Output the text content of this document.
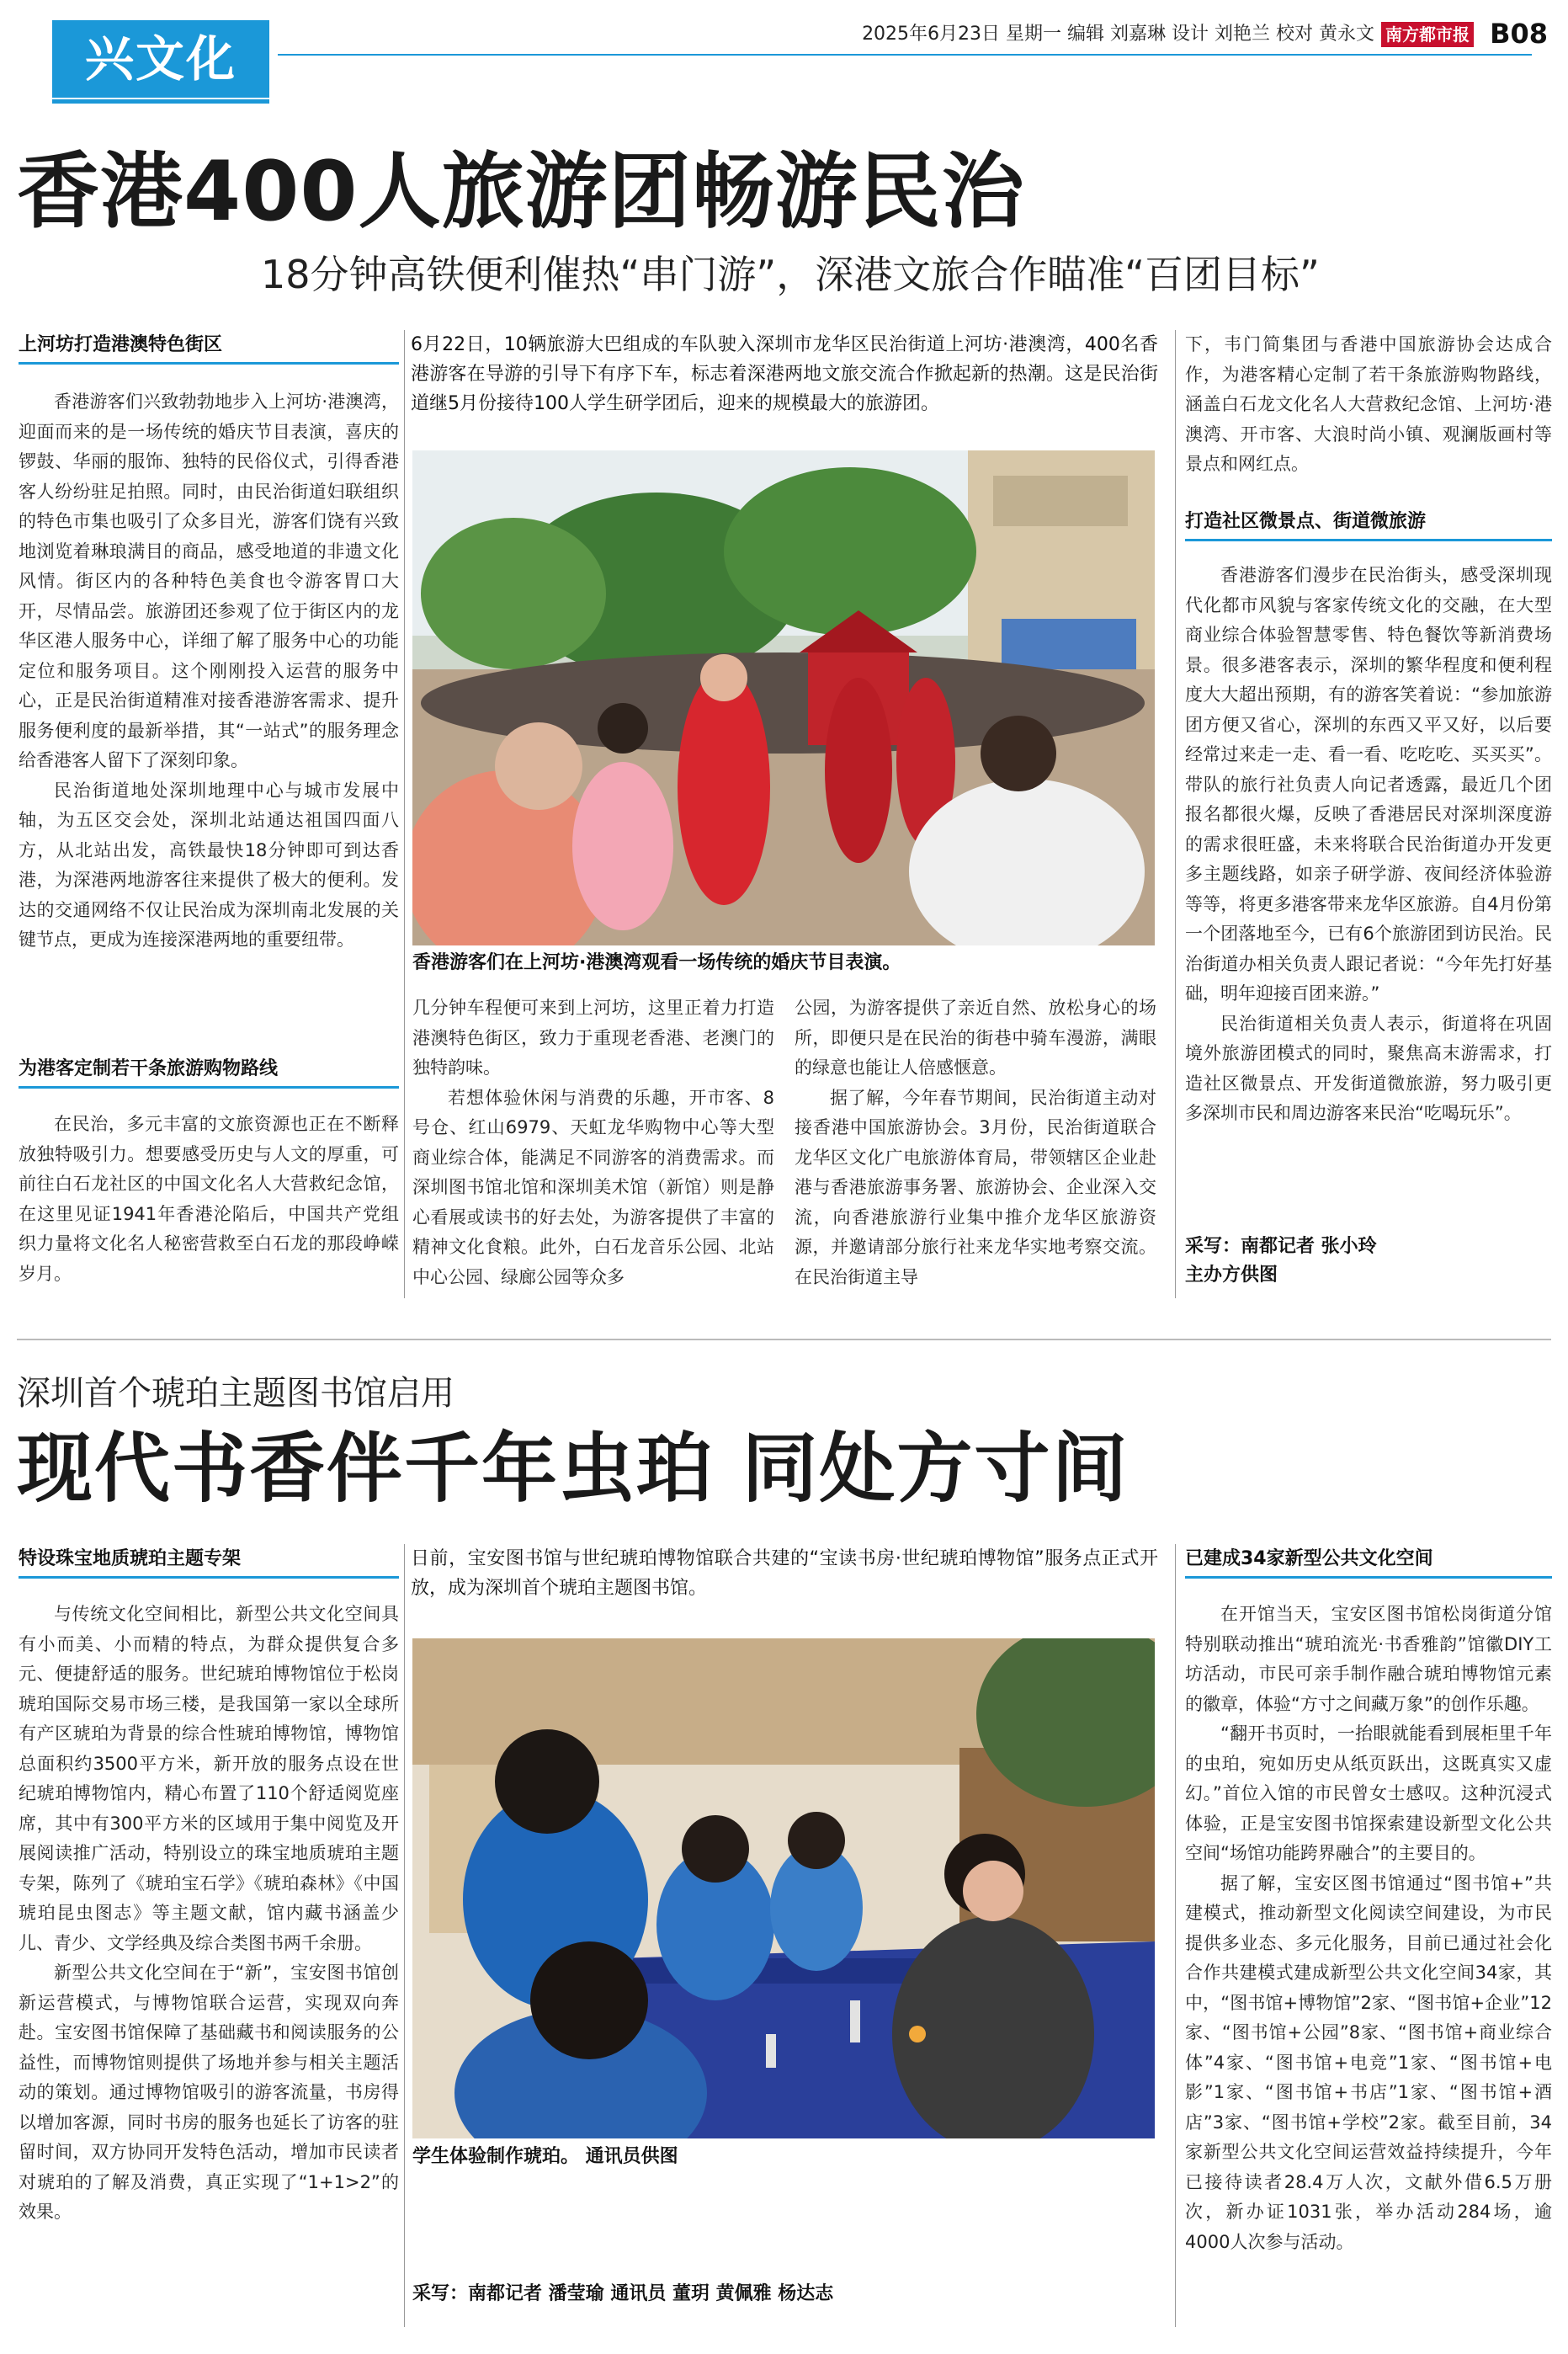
兴文化	2025年6月23日 星期一 编辑 刘嘉琳 设计 刘艳兰 校对 黄永文 南方都市报 B08
香港400人旅游团畅游民治
18分钟高铁便利催热“串门游”，深港文旅合作瞄准“百团目标”
上河坊打造港澳特色街区

香港游客们兴致勃勃地步入上河坊·港澳湾，迎面而来的是一场传统的婚庆节目表演，喜庆的锣鼓、华丽的服饰、独特的民俗仪式，引得香港客人纷纷驻足拍照。同时，由民治街道妇联组织的特色市集也吸引了众多目光，游客们饶有兴致地浏览着琳琅满目的商品，感受地道的非遗文化风情。街区内的各种特色美食也令游客胃口大开，尽情品尝。旅游团还参观了位于街区内的龙华区港人服务中心，详细了解了服务中心的功能定位和服务项目。这个刚刚投入运营的服务中心，正是民治街道精准对接香港游客需求、提升服务便利度的最新举措，其“一站式”的服务理念给香港客人留下了深刻印象。

民治街道地处深圳地理中心与城市发展中轴，为五区交会处，深圳北站通达祖国四面八方，从北站出发，高铁最快18分钟即可到达香港，为深港两地游客往来提供了极大的便利。发达的交通网络不仅让民治成为深圳南北发展的关键节点，更成为连接深港两地的重要纽带。

为港客定制若干条旅游购物路线

在民治，多元丰富的文旅资源也正在不断释放独特吸引力。想要感受历史与人文的厚重，可前往白石龙社区的中国文化名人大营救纪念馆，在这里见证1941年香港沦陷后，中国共产党组织力量将文化名人秘密营救至白石龙的那段峥嵘岁月。

6月22日，10辆旅游大巴组成的车队驶入深圳市龙华区民治街道上河坊·港澳湾，400名香港游客在导游的引导下有序下车，标志着深港两地文旅交流合作掀起新的热潮。这是民治街道继5月份接待100人学生研学团后，迎来的规模最大的旅游团。
香港游客们在上河坊·港澳湾观看一场传统的婚庆节目表演。

几分钟车程便可来到上河坊，这里正着力打造港澳特色街区，致力于重现老香港、老澳门的独特韵味。

若想体验休闲与消费的乐趣，开市客、8号仓、红山6979、天虹龙华购物中心等大型商业综合体，能满足不同游客的消费需求。而深圳图书馆北馆和深圳美术馆（新馆）则是静心看展或读书的好去处，为游客提供了丰富的精神文化食粮。此外，白石龙音乐公园、北站中心公园、绿廊公园等众多

公园，为游客提供了亲近自然、放松身心的场所，即便只是在民治的街巷中骑车漫游，满眼的绿意也能让人倍感惬意。

据了解，今年春节期间，民治街道主动对接香港中国旅游协会。3月份，民治街道联合龙华区文化广电旅游体育局，带领辖区企业赴港与香港旅游事务署、旅游协会、企业深入交流，向香港旅游行业集中推介龙华区旅游资源，并邀请部分旅行社来龙华实地考察交流。在民治街道主导

下，韦门简集团与香港中国旅游协会达成合作，为港客精心定制了若干条旅游购物路线，涵盖白石龙文化名人大营救纪念馆、上河坊·港澳湾、开市客、大浪时尚小镇、观澜版画村等景点和网红点。

打造社区微景点、街道微旅游

香港游客们漫步在民治街头，感受深圳现代化都市风貌与客家传统文化的交融，在大型商业综合体验智慧零售、特色餐饮等新消费场景。很多港客表示，深圳的繁华程度和便利程度大大超出预期，有的游客笑着说：“参加旅游团方便又省心，深圳的东西又平又好，以后要经常过来走一走、看一看、吃吃吃、买买买”。带队的旅行社负责人向记者透露，最近几个团报名都很火爆，反映了香港居民对深圳深度游的需求很旺盛，未来将联合民治街道办开发更多主题线路，如亲子研学游、夜间经济体验游等等，将更多港客带来龙华区旅游。自4月份第一个团落地至今，已有6个旅游团到访民治。民治街道办相关负责人跟记者说：“今年先打好基础，明年迎接百团来游。”

民治街道相关负责人表示，街道将在巩固境外旅游团模式的同时，聚焦高末游需求，打造社区微景点、开发街道微旅游，努力吸引更多深圳市民和周边游客来民治“吃喝玩乐”。

采写：南都记者 张小玲
主办方供图
深圳首个琥珀主题图书馆启用
现代书香伴千年虫珀 同处方寸间
特设珠宝地质琥珀主题专架

与传统文化空间相比，新型公共文化空间具有小而美、小而精的特点，为群众提供复合多元、便捷舒适的服务。世纪琥珀博物馆位于松岗琥珀国际交易市场三楼，是我国第一家以全球所有产区琥珀为背景的综合性琥珀博物馆，博物馆总面积约3500平方米，新开放的服务点设在世纪琥珀博物馆内，精心布置了110个舒适阅览座席，其中有300平方米的区域用于集中阅览及开展阅读推广活动，特别设立的珠宝地质琥珀主题专架，陈列了《琥珀宝石学》《琥珀森林》《中国琥珀昆虫图志》等主题文献，馆内藏书涵盖少儿、青少、文学经典及综合类图书两千余册。

新型公共文化空间在于“新”，宝安图书馆创新运营模式，与博物馆联合运营，实现双向奔赴。宝安图书馆保障了基础藏书和阅读服务的公益性，而博物馆则提供了场地并参与相关主题活动的策划。通过博物馆吸引的游客流量，书房得以增加客源，同时书房的服务也延长了访客的驻留时间，双方协同开发特色活动，增加市民读者对琥珀的了解及消费，真正实现了“1+1>2”的效果。

日前，宝安图书馆与世纪琥珀博物馆联合共建的“宝读书房·世纪琥珀博物馆”服务点正式开放，成为深圳首个琥珀主题图书馆。
学生体验制作琥珀。 通讯员供图
采写：南都记者 潘莹瑜 通讯员 董玥 黄佩雅 杨达志
已建成34家新型公共文化空间

在开馆当天，宝安区图书馆松岗街道分馆特别联动推出“琥珀流光·书香雅韵”馆徽DIY工坊活动，市民可亲手制作融合琥珀博物馆元素的徽章，体验“方寸之间藏万象”的创作乐趣。

“翻开书页时，一抬眼就能看到展柜里千年的虫珀，宛如历史从纸页跃出，这既真实又虚幻。”首位入馆的市民曾女士感叹。这种沉浸式体验，正是宝安图书馆探索建设新型文化公共空间“场馆功能跨界融合”的主要目的。

据了解，宝安区图书馆通过“图书馆+”共建模式，推动新型文化阅读空间建设，为市民提供多业态、多元化服务，目前已通过社会化合作共建模式建成新型公共文化空间34家，其中，“图书馆+博物馆”2家、“图书馆+企业”12家、“图书馆+公园”8家、“图书馆+商业综合体”4家、“图书馆+电竞”1家、“图书馆+电影”1家、“图书馆+书店”1家、“图书馆+酒店”3家、“图书馆+学校”2家。截至目前，34家新型公共文化空间运营效益持续提升，今年已接待读者28.4万人次，文献外借6.5万册次，新办证1031张，举办活动284场，逾4000人次参与活动。
